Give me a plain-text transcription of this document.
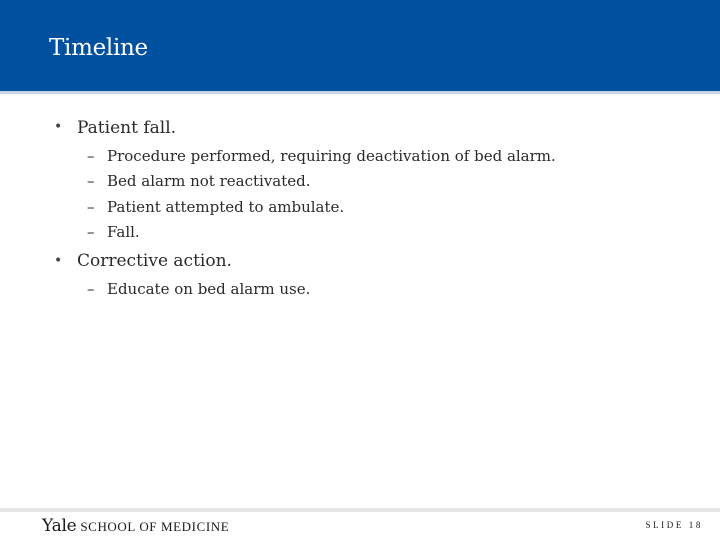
Timeline
• Patient fall.
– Procedure performed, requiring deactivation of bed alarm.
– Bed alarm not reactivated.
– Patient attempted to ambulate.
– Fall.
• Corrective action.
– Educate on bed alarm use.
Yale SCHOOL OF MEDICINE	SLIDE 18
